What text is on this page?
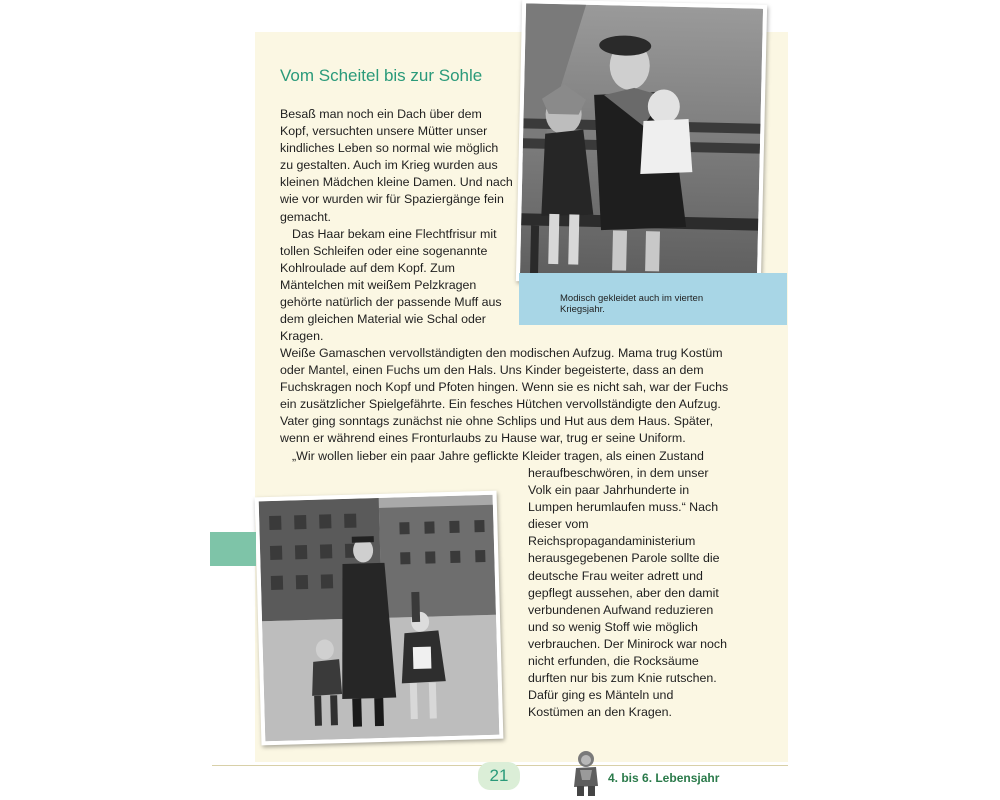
Vom Scheitel bis zur Sohle

Besaß man noch ein Dach über dem Kopf, versuchten unsere Mütter unser kindliches Leben so normal wie möglich zu gestalten. Auch im Krieg wurden aus kleinen Mädchen kleine Damen. Und nach wie vor wurden wir für Spaziergänge fein gemacht.

Das Haar bekam eine Flechtfrisur mit tollen Schleifen oder eine sogenannte Kohlroulade auf dem Kopf. Zum Mäntelchen mit weißem Pelzkragen gehörte natürlich der passende Muff aus dem gleichen Material wie Schal oder Kragen.

Weiße Gamaschen vervollständigten den modischen Aufzug. Mama trug Kostüm oder Mantel, einen Fuchs um den Hals. Uns Kinder begeisterte, dass an dem Fuchskragen noch Kopf und Pfoten hingen. Wenn sie es nicht sah, war der Fuchs ein zusätzlicher Spielgefährte. Ein fesches Hütchen vervollständigte den Aufzug. Vater ging sonntags zunächst nie ohne Schlips und Hut aus dem Haus. Später, wenn er während eines Fronturlaubs zu Hause war, trug er seine Uniform.

„Wir wollen lieber ein paar Jahre geflickte Kleider tragen, als einen Zustand

heraufbeschwören, in dem unser Volk ein paar Jahrhunderte in Lumpen herumlaufen muss.“ Nach dieser vom Reichspropagandaministerium herausgegebenen Parole sollte die deutsche Frau weiter adrett und gepflegt aussehen, aber den damit verbundenen Aufwand reduzieren und so wenig Stoff wie möglich verbrauchen. Der Minirock war noch nicht erfunden, die Rocksäume durften nur bis zum Knie rutschen. Dafür ging es Mänteln und Kostümen an den Kragen.

Modisch gekleidet auch im vierten Kriegsjahr.
21	4. bis 6. Lebensjahr
